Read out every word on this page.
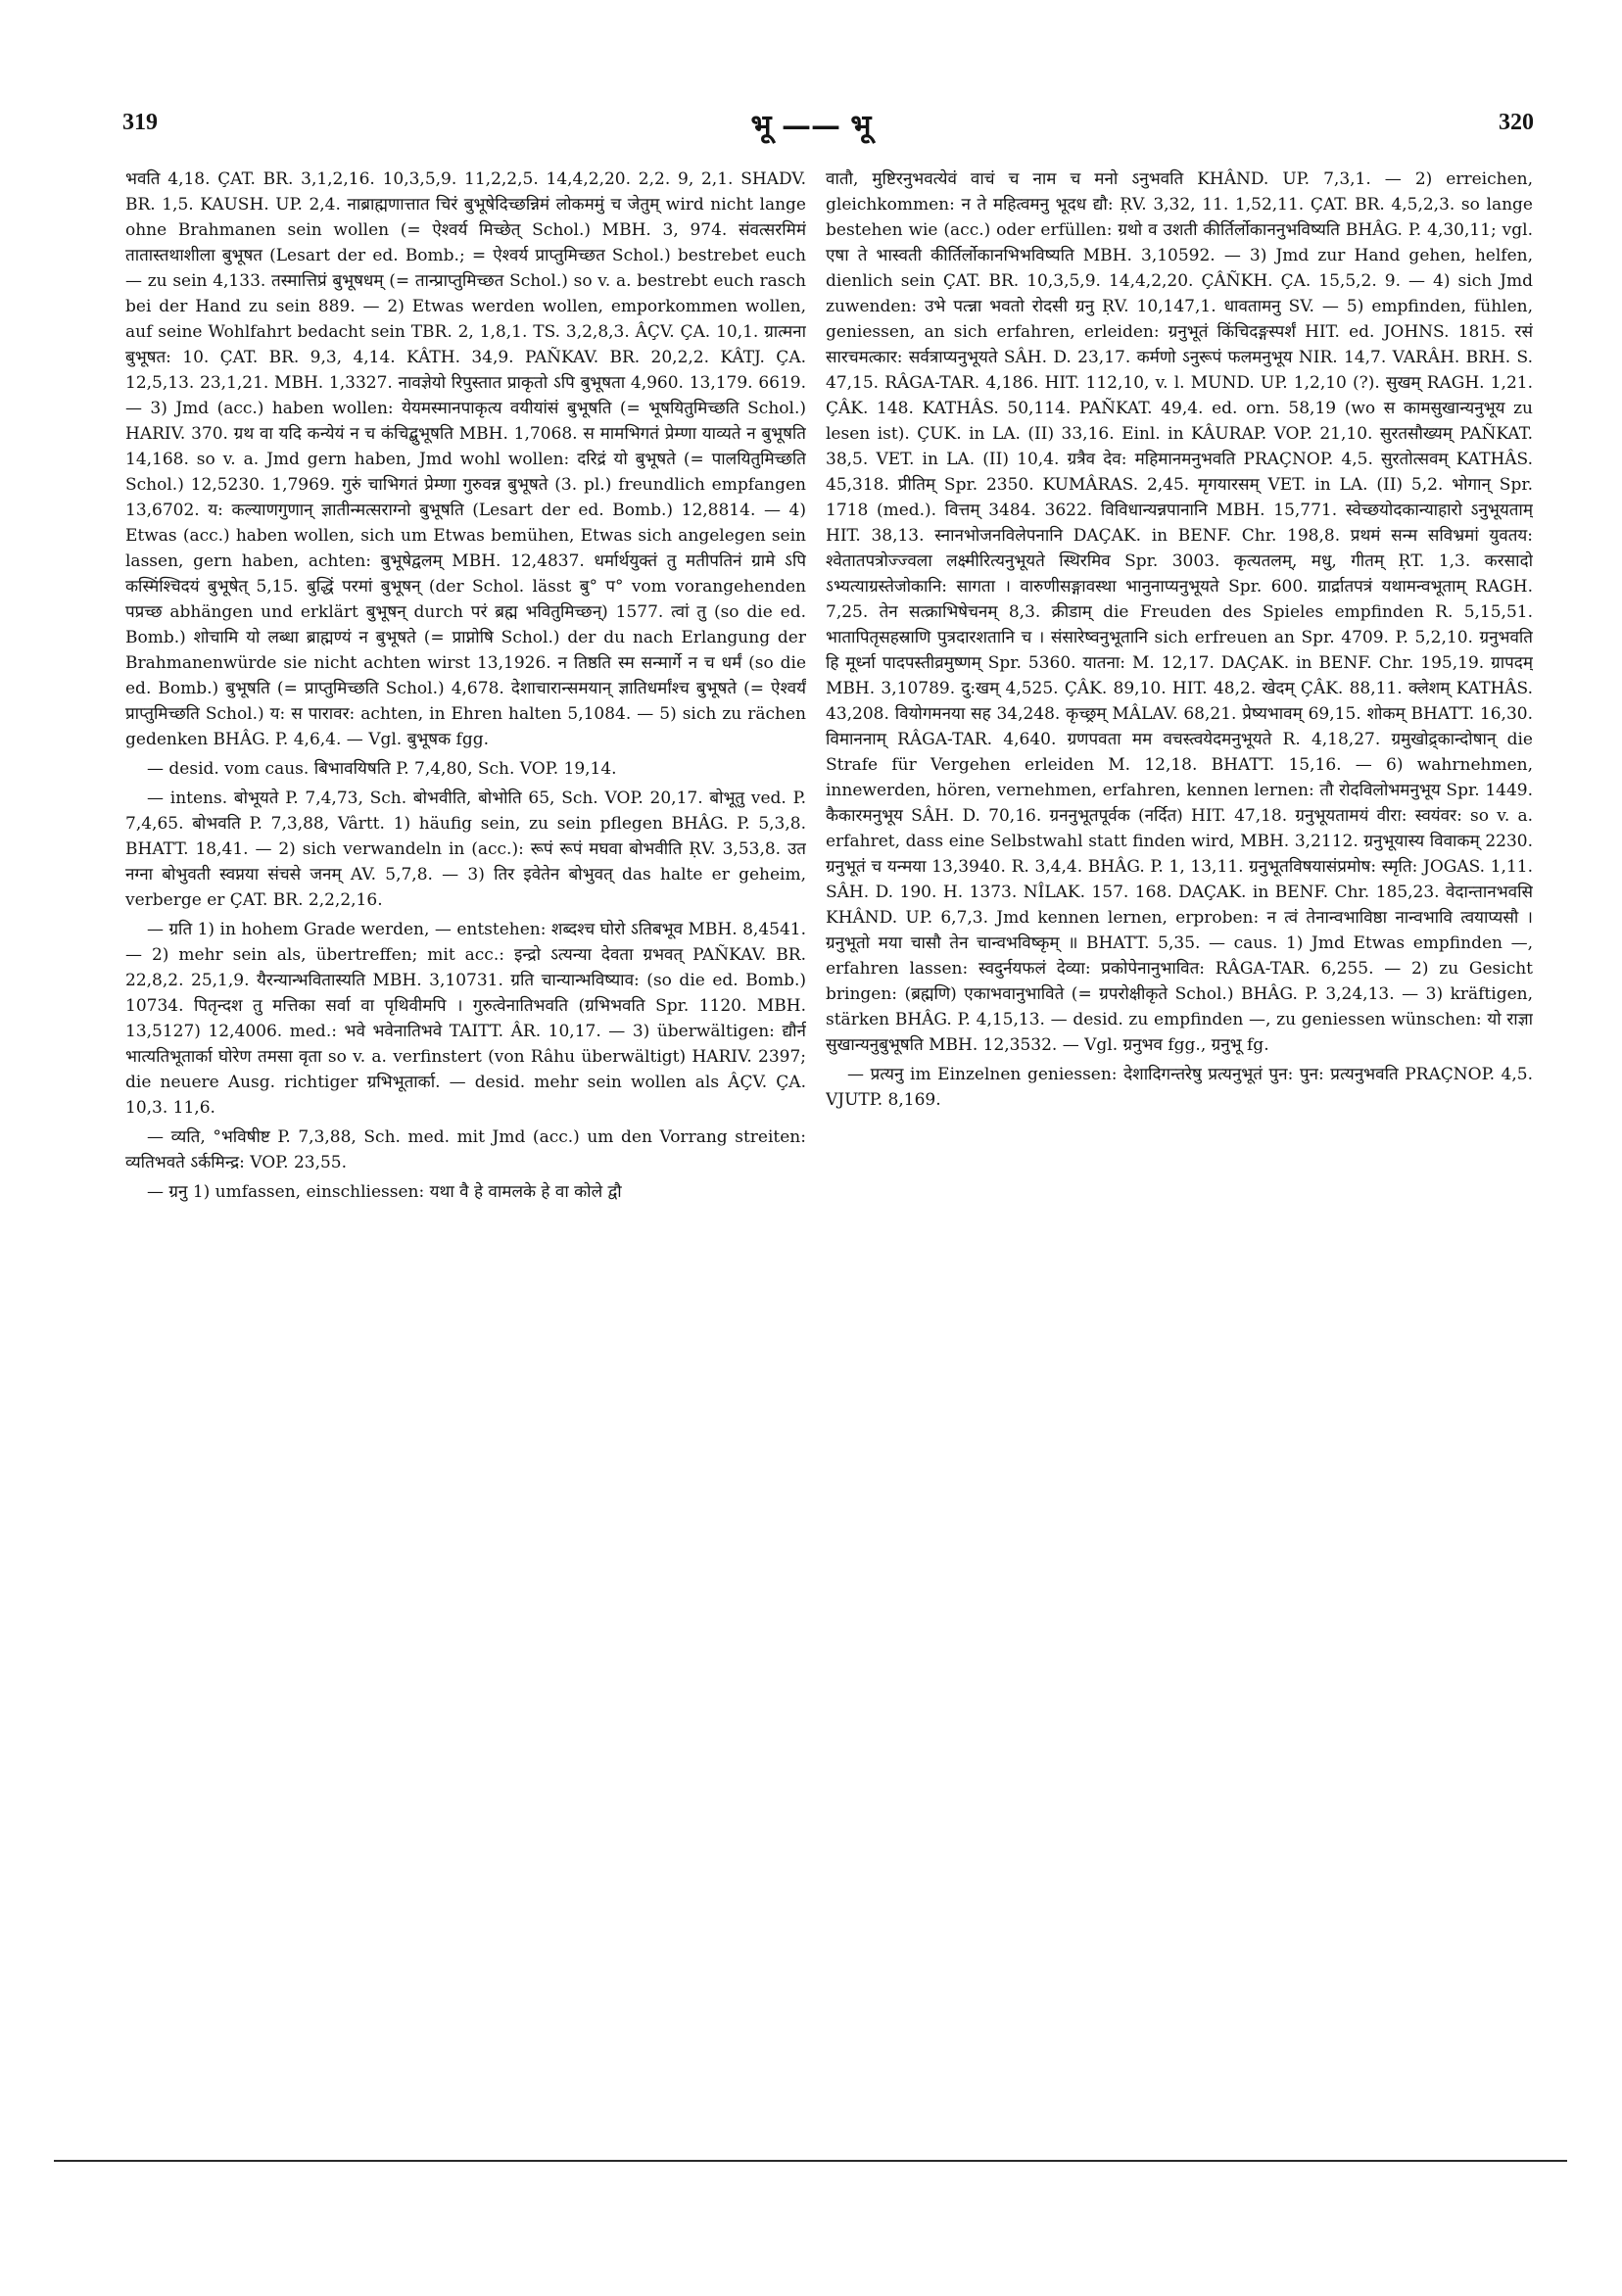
319	भू —— भू	320

भवति 4,18. ÇAT. BR. 3,1,2,16. 10,3,5,9. 11,2,2,5. 14,4,2,20. 2,2. 9, 2,1. SHADV. BR. 1,5. KAUSH. UP. 2,4. नाब्राह्मणात्तात चिरं बुभूषेदिच्छन्निमं लोकममुं च जेतुम् wird nicht lange ohne Brahmanen sein wollen (= ऐश्वर्य मिच्छेत् Schol.) MBH. 3, 974. संवत्सरमिमं तातास्तथाशीला बुभूषत (Lesart der ed. Bomb.; = ऐश्वर्य प्राप्तुमिच्छत Schol.) bestrebet euch — zu sein 4,133. तस्मात्तिप्रं बुभूषधम् (= तान्प्राप्तुमिच्छत Schol.) so v. a. bestrebt euch rasch bei der Hand zu sein 889. — 2) Etwas werden wollen, emporkommen wollen, auf seine Wohlfahrt bedacht sein TBR. 2, 1,8,1. TS. 3,2,8,3. ÂÇV. ÇA. 10,1. ग्रात्मना बुभूषत: 10. ÇAT. BR. 9,3, 4,14. KÂTH. 34,9. PAÑKAV. BR. 20,2,2. KÂTJ. ÇA. 12,5,13. 23,1,21. MBH. 1,3327. नावज्ञेयो रिपुस्तात प्राकृतो ऽपि बुभूषता 4,960. 13,179. 6619. — 3) Jmd (acc.) haben wollen: येयमस्मानपाकृत्य वयीयांसं बुभूषति (= भूषयितुमिच्छति Schol.) HARIV. 370. ग्रथ वा यदि कन्येयं न च कंचिद्बुभूषति MBH. 1,7068. स मामभिगतं प्रेम्णा याव्यते न बुभूषति 14,168. so v. a. Jmd gern haben, Jmd wohl wollen: दरिद्रं यो बुभूषते (= पालयितुमिच्छति Schol.) 12,5230. 1,7969. गुरुं चाभिगतं प्रेम्णा गुरुवन्न बुभूषते (3. pl.) freundlich empfangen 13,6702. य: कल्याणगुणान् ज्ञातीन्मत्सराग्नो बुभूषति (Lesart der ed. Bomb.) 12,8814. — 4) Etwas (acc.) haben wollen, sich um Etwas bemühen, Etwas sich angelegen sein lassen, gern haben, achten: बुभूषेद्वलम् MBH. 12,4837. धर्मार्थयुक्तं तु मतीपतिनं ग्रामे ऽपि कस्मिंश्चिदयं बुभूषेत् 5,15. बुद्धिं परमां बुभूषन् (der Schol. lässt बु° प° vom vorangehenden पप्रच्छ abhängen und erklärt बुभूषन् durch परं ब्रह्म भवितुमिच्छन्) 1577. त्वां तु (so die ed. Bomb.) शोचामि यो लब्धा ब्राह्मण्यं न बुभूषते (= प्राप्नोषि Schol.) der du nach Erlangung der Brahmanenwürde sie nicht achten wirst 13,1926. न तिष्ठति स्म सन्मार्गे न च धर्मं (so die ed. Bomb.) बुभूषति (= प्राप्तुमिच्छति Schol.) 4,678. देशाचारान्समयान् ज्ञातिधर्मांश्च बुभूषते (= ऐश्वर्यं प्राप्तुमिच्छति Schol.) य: स पारावर: achten, in Ehren halten 5,1084. — 5) sich zu rächen gedenken BHÂG. P. 4,6,4. — Vgl. बुभूषक fgg.

— desid. vom caus. बिभावयिषति P. 7,4,80, Sch. VOP. 19,14.

— intens. बोभूयते P. 7,4,73, Sch. बोभवीति, बोभोति 65, Sch. VOP. 20,17. बोभूतु ved. P. 7,4,65. बोभवति P. 7,3,88, Vârtt. 1) häufig sein, zu sein pflegen BHÂG. P. 5,3,8. BHATT. 18,41. — 2) sich verwandeln in (acc.): रूपं रूपं मघवा बोभवीति ṚV. 3,53,8. उत नग्ना बोभुवती स्वप्नया संचसे जनम् AV. 5,7,8. — 3) तिर इवेतेन बोभुवत् das halte er geheim, verberge er ÇAT. BR. 2,2,2,16.

— ग्रति 1) in hohem Grade werden, — entstehen: शब्दश्च घोरो ऽतिबभूव MBH. 8,4541. — 2) mehr sein als, übertreffen; mit acc.: इन्द्रो ऽत्यन्या देवता ग्रभवत् PAÑKAV. BR. 22,8,2. 25,1,9. यैरन्यान्भवितास्यति MBH. 3,10731. ग्रति चान्यान्भविष्याव: (so die ed. Bomb.) 10734. पितृन्दश तु मत्तिका सर्वा वा पृथिवीमपि । गुरुत्वेनातिभवति (ग्रभिभवति Spr. 1120. MBH. 13,5127) 12,4006. med.: भवे भवेनातिभवे TAITT. ÂR. 10,17. — 3) überwältigen: द्यौर्न भात्यतिभूतार्का घोरेण तमसा वृता so v. a. verfinstert (von Râhu überwältigt) HARIV. 2397; die neuere Ausg. richtiger ग्रभिभूतार्का. — desid. mehr sein wollen als ÂÇV. ÇA. 10,3. 11,6.

— व्यति, °भविषीष्ट P. 7,3,88, Sch. med. mit Jmd (acc.) um den Vorrang streiten: व्यतिभवते ऽर्कमिन्द्र: VOP. 23,55.

— ग्रनु 1) umfassen, einschliessen: यथा वै हे वामलके हे वा कोले द्वौ

वातौ, मुष्टिरनुभवत्येवं वाचं च नाम च मनो ऽनुभवति KHÂND. UP. 7,3,1. — 2) erreichen, gleichkommen: न ते महित्वमनु भूदध द्यौ: ṚV. 3,32, 11. 1,52,11. ÇAT. BR. 4,5,2,3. so lange bestehen wie (acc.) oder erfüllen: ग्रथो व उशती कीर्तिर्लोकाननुभविष्यति BHÂG. P. 4,30,11; vgl. एषा ते भास्वती कीर्तिर्लोकानभिभविष्यति MBH. 3,10592. — 3) Jmd zur Hand gehen, helfen, dienlich sein ÇAT. BR. 10,3,5,9. 14,4,2,20. ÇÂÑKH. ÇA. 15,5,2. 9. — 4) sich Jmd zuwenden: उभे पत्न्ना भवतो रोदसी ग्रनु ṚV. 10,147,1. धावतामनु SV. — 5) empfinden, fühlen, geniessen, an sich erfahren, erleiden: ग्रनुभूतं किंचिदङ्गस्पर्शं HIT. ed. JOHNS. 1815. रसं सारचमत्कार: सर्वत्राप्यनुभूयते SÂH. D. 23,17. कर्मणो ऽनुरूपं फलमनुभूय NIR. 14,7. VARÂH. BRH. S. 47,15. RÂGA-TAR. 4,186. HIT. 112,10, v. l. MUND. UP. 1,2,10 (?). सुखम् RAGH. 1,21. ÇÂK. 148. KATHÂS. 50,114. PAÑKAT. 49,4. ed. orn. 58,19 (wo स कामसुखान्यनुभूय zu lesen ist). ÇUK. in LA. (II) 33,16. Einl. in KÂURAP. VOP. 21,10. सुरतसौख्यम् PAÑKAT. 38,5. VET. in LA. (II) 10,4. ग्रत्रैव देव: महिमानमनुभवति PRAÇNOP. 4,5. सुरतोत्सवम् KATHÂS. 45,318. प्रीतिम् Spr. 2350. KUMÂRAS. 2,45. मृगयारसम् VET. in LA. (II) 5,2. भोगान् Spr. 1718 (med.). वित्तम् 3484. 3622. विविधान्यन्नपानानि MBH. 15,771. स्वेच्छयोदकान्याहारो ऽनुभूयताम् HIT. 38,13. स्नानभोजनविलेपनानि DAÇAK. in BENF. Chr. 198,8. प्रथमं सन्म सविभ्रमां युवतय: श्वेतातपत्रोज्ज्वला लक्ष्मीरित्यनुभूयते स्थिरमिव Spr. 3003. कृत्यतलम्, मधु, गीतम् ṚT. 1,3. करसादो ऽभ्यत्याग्रस्तेजोकानि: सागता । वारुणीसङ्गावस्था भानुनाप्यनुभूयते Spr. 600. ग्रार्द्रातपत्रं यथामन्वभूताम् RAGH. 7,25. तेन सत्क्राभिषेचनम् 8,3. क्रीडाम् die Freuden des Spieles empfinden R. 5,15,51. भातापितृसहस्राणि पुत्रदारशतानि च । संसारेष्वनुभूतानि sich erfreuen an Spr. 4709. P. 5,2,10. ग्रनुभवति हि मूर्ध्ना पादपस्तीव्रमुष्णम् Spr. 5360. यातना: M. 12,17. DAÇAK. in BENF. Chr. 195,19. ग्रापदम् MBH. 3,10789. दु:खम् 4,525. ÇÂK. 89,10. HIT. 48,2. खेदम् ÇÂK. 88,11. क्लेशम् KATHÂS. 43,208. वियोगमनया सह 34,248. कृच्छ्रम् MÂLAV. 68,21. प्रेष्यभावम् 69,15. शोकम् BHATT. 16,30. विमाननाम् RÂGA-TAR. 4,640. ग्रणपवता मम वचस्त्वयेदमनुभूयते R. 4,18,27. ग्रमुखोद्र्कान्दोषान् die Strafe für Vergehen erleiden M. 12,18. BHATT. 15,16. — 6) wahrnehmen, innewerden, hören, vernehmen, erfahren, kennen lernen: तौ रोदविलोभमनुभूय Spr. 1449. कैकारमनुभूय SÂH. D. 70,16. ग्रननुभूतपूर्वक (नर्दित) HIT. 47,18. ग्रनुभूयतामयं वीरा: स्वयंवर: so v. a. erfahret, dass eine Selbstwahl statt finden wird, MBH. 3,2112. ग्रनुभूयास्य विवाकम् 2230. ग्रनुभूतं च यन्मया 13,3940. R. 3,4,4. BHÂG. P. 1, 13,11. ग्रनुभूतविषयासंप्रमोष: स्मृति: JOGAS. 1,11. SÂH. D. 190. H. 1373. NÎLAK. 157. 168. DAÇAK. in BENF. Chr. 185,23. वेदान्तानभवसि KHÂND. UP. 6,7,3. Jmd kennen lernen, erproben: न त्वं तेनान्वभाविष्ठा नान्वभावि त्वयाप्यसौ । ग्रनुभूतो मया चासौ तेन चान्वभविष्कृम् ॥ BHATT. 5,35. — caus. 1) Jmd Etwas empfinden —, erfahren lassen: स्वदुर्नयफलं देव्या: प्रकोपेनानुभावित: RÂGA-TAR. 6,255. — 2) zu Gesicht bringen: (ब्रह्मणि) एकाभवानुभाविते (= ग्रपरोक्षीकृते Schol.) BHÂG. P. 3,24,13. — 3) kräftigen, stärken BHÂG. P. 4,15,13. — desid. zu empfinden —, zu geniessen wünschen: यो राज्ञा सुखान्यनुबुभूषति MBH. 12,3532. — Vgl. ग्रनुभव fgg., ग्रनुभू fg.

— प्रत्यनु im Einzelnen geniessen: देशादिगन्तरेषु प्रत्यनुभूतं पुन: पुन: प्रत्यनुभवति PRAÇNOP. 4,5. VJUTP. 8,169.
